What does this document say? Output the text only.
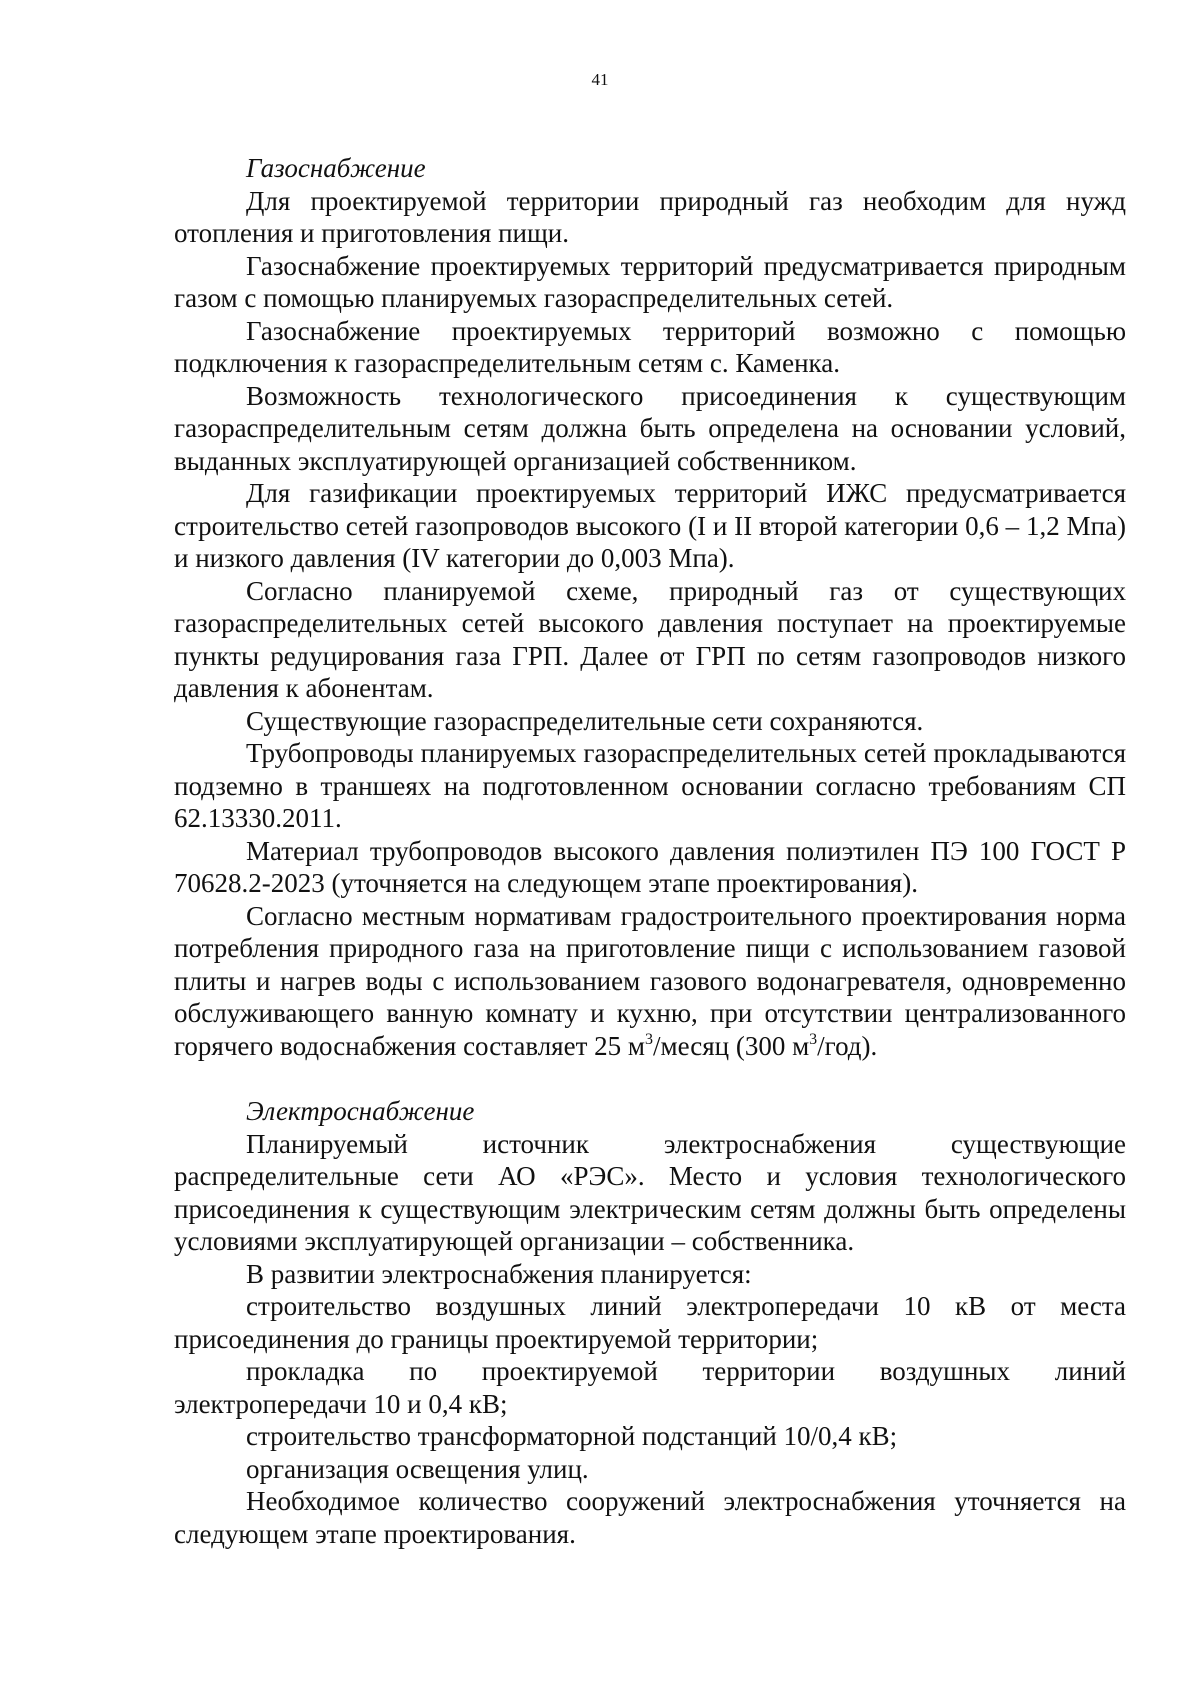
41

Газоснабжение

Для проектируемой территории природный газ необходим для нужд отопления и приготовления пищи.

Газоснабжение проектируемых территорий предусматривается природным газом с помощью планируемых газораспределительных сетей.

Газоснабжение проектируемых территорий возможно с помощью подключения к газораспределительным сетям с. Каменка.

Возможность технологического присоединения к существующим газораспределительным сетям должна быть определена на основании условий, выданных эксплуатирующей организацией собственником.

Для газификации проектируемых территорий ИЖС предусматривается строительство сетей газопроводов высокого (I и II второй категории 0,6 – 1,2 Мпа) и низкого давления (IV категории до 0,003 Мпа).

Согласно планируемой схеме, природный газ от существующих газораспределительных сетей высокого давления поступает на проектируемые пункты редуцирования газа ГРП. Далее от ГРП по сетям газопроводов низкого давления к абонентам.

Существующие газораспределительные сети сохраняются.

Трубопроводы планируемых газораспределительных сетей прокладываются подземно в траншеях на подготовленном основании согласно требованиям СП 62.13330.2011.

Материал трубопроводов высокого давления полиэтилен ПЭ 100 ГОСТ Р 70628.2-2023 (уточняется на следующем этапе проектирования).

Согласно местным нормативам градостроительного проектирования норма потребления природного газа на приготовление пищи с использованием газовой плиты и нагрев воды с использованием газового водонагревателя, одновременно обслуживающего ванную комнату и кухню, при отсутствии централизованного горячего водоснабжения составляет 25 $м^3$/месяц (300 $м^3/год$).

Электроснабжение

Планируемый источник электроснабжения существующие распределительные сети АО «РЭС». Место и условия технологического присоединения к существующим электрическим сетям должны быть определены условиями эксплуатирующей организации – собственника.

В развитии электроснабжения планируется:

строительство воздушных линий электропередачи 10 кВ от места присоединения до границы проектируемой территории;

прокладка по проектируемой территории воздушных линий электропередачи 10 и 0,4 кВ;

строительство трансформаторной подстанций 10/0,4 кВ;

организация освещения улиц.

Необходимое количество сооружений электроснабжения уточняется на следующем этапе проектирования.
